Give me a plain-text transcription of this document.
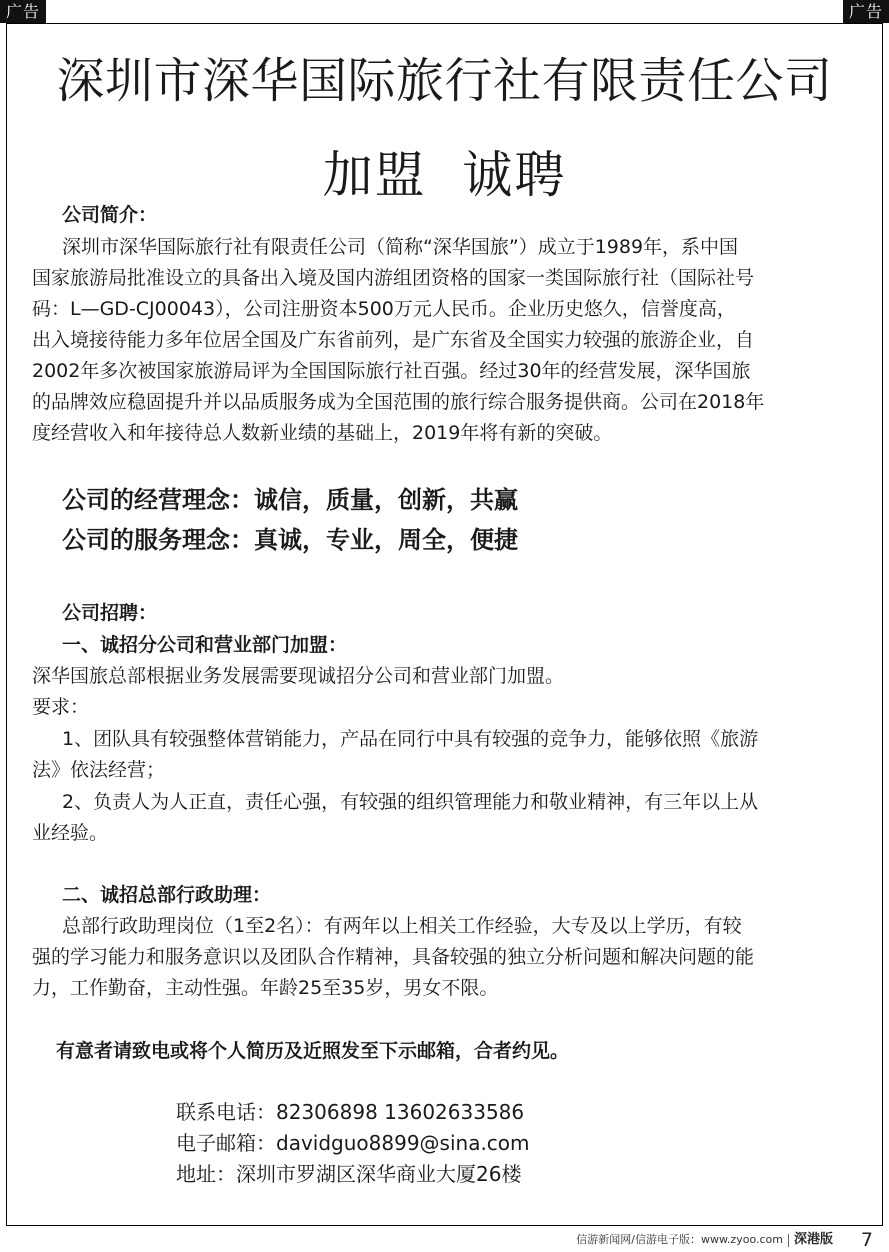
广告	广告
深圳市深华国际旅行社有限责任公司
加盟  诚聘
公司简介：
深圳市深华国际旅行社有限责任公司（简称“深华国旅”）成立于1989年，系中国
国家旅游局批准设立的具备出入境及国内游组团资格的国家一类国际旅行社（国际社号
码：L—GD-CJ00043），公司注册资本500万元人民币。企业历史悠久，信誉度高，
出入境接待能力多年位居全国及广东省前列，是广东省及全国实力较强的旅游企业，自
2002年多次被国家旅游局评为全国国际旅行社百强。经过30年的经营发展，深华国旅
的品牌效应稳固提升并以品质服务成为全国范围的旅行综合服务提供商。公司在2018年
度经营收入和年接待总人数新业绩的基础上，2019年将有新的突破。
公司的经营理念：诚信，质量，创新，共赢
公司的服务理念：真诚，专业，周全，便捷
公司招聘：
一、诚招分公司和营业部门加盟：
深华国旅总部根据业务发展需要现诚招分公司和营业部门加盟。
要求：
1、团队具有较强整体营销能力，产品在同行中具有较强的竞争力，能够依照《旅游
法》依法经营；
2、负责人为人正直，责任心强，有较强的组织管理能力和敬业精神，有三年以上从
业经验。
二、诚招总部行政助理：
总部行政助理岗位（1至2名）：有两年以上相关工作经验，大专及以上学历，有较
强的学习能力和服务意识以及团队合作精神，具备较强的独立分析问题和解决问题的能
力，工作勤奋，主动性强。年龄25至35岁，男女不限。
有意者请致电或将个人简历及近照发至下示邮箱，合者约见。
联系电话：82306898 13602633586
电子邮箱：davidguo8899@sina.com
地址：深圳市罗湖区深华商业大厦26楼
信游新闻网/信游电子版：www.zyoo.com 深港版 7
